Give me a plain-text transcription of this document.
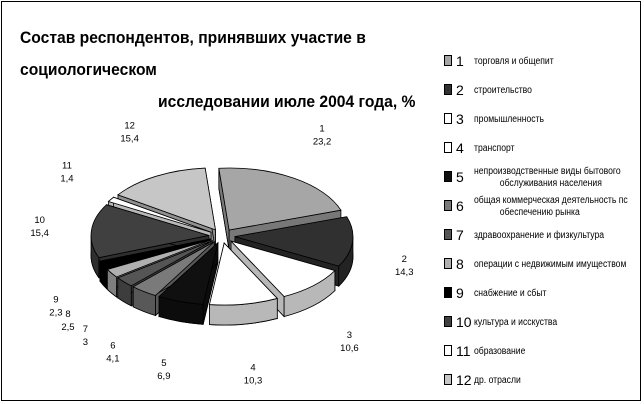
Состав респондентов, принявших участие в социологическом
исследовании июле 2004 года, %
1
23,2
2
14,3
3
10,6
4
10,3
5
6,9
6
4,1
7
3
8
2,5
9
2,3
10
15,4
11
1,4
12
15,4
1 торговля и общепит
2 строительство
3 промышленность
4 транспорт
5 непроизводственные виды бытового
обслуживания населения
6 общая коммерческая деятельность пс
обеспечению рынка
7 здравоохранение и физкультура
8 операции с недвижимым имуществом
9 снабжение и сбыт
10 культура и исскуства
11 образование
12 др. отрасли
